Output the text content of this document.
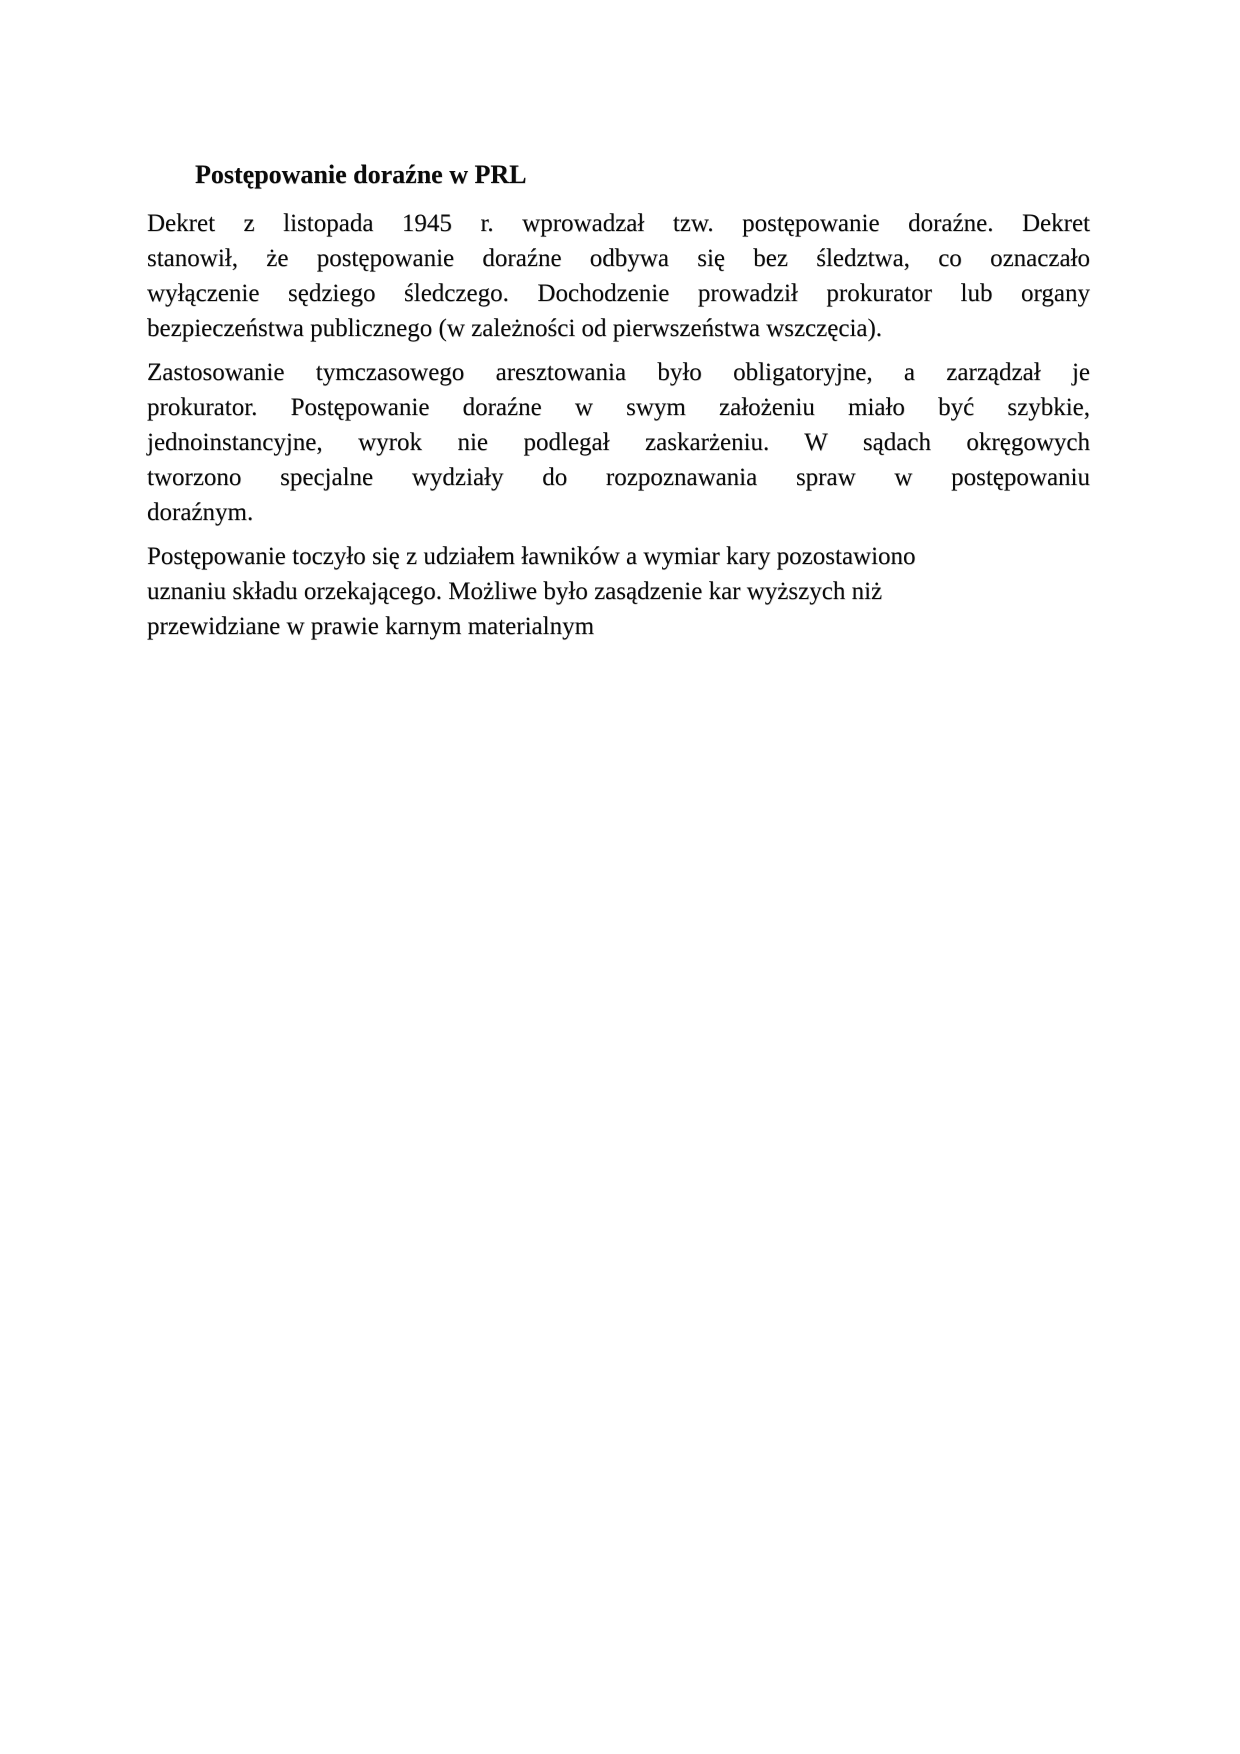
Postępowanie doraźne w PRL
Dekret z listopada 1945 r. wprowadzał tzw. postępowanie doraźne. Dekret
stanowił, że postępowanie doraźne odbywa się bez śledztwa, co oznaczało
wyłączenie sędziego śledczego. Dochodzenie prowadził prokurator lub organy
bezpieczeństwa publicznego (w zależności od pierwszeństwa wszczęcia).
Zastosowanie tymczasowego aresztowania było obligatoryjne, a zarządzał je
prokurator. Postępowanie doraźne w swym założeniu miało być szybkie,
jednoinstancyjne, wyrok nie podlegał zaskarżeniu. W sądach okręgowych
tworzono specjalne wydziały do rozpoznawania spraw w postępowaniu
doraźnym.
Postępowanie toczyło się z udziałem ławników a wymiar kary pozostawiono
uznaniu składu orzekającego. Możliwe było zasądzenie kar wyższych niż
przewidziane w prawie karnym materialnym
